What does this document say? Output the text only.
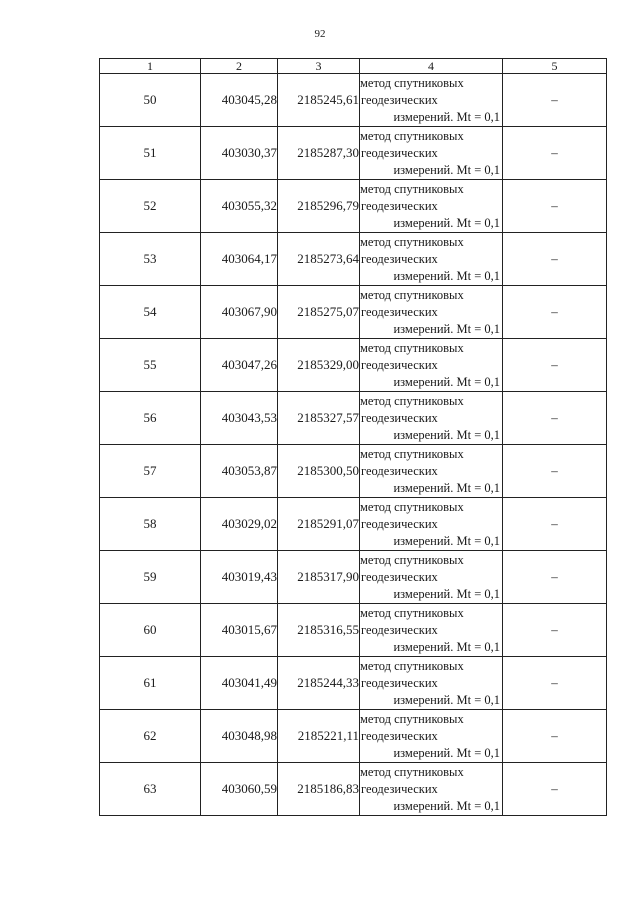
92
1	2	3	4	5
50	403045,28	2185245,61	метод спутниковых
геодезических
измерений. Mt = 0,1	–
51	403030,37	2185287,30	метод спутниковых
геодезических
измерений. Mt = 0,1	–
52	403055,32	2185296,79	метод спутниковых
геодезических
измерений. Mt = 0,1	–
53	403064,17	2185273,64	метод спутниковых
геодезических
измерений. Mt = 0,1	–
54	403067,90	2185275,07	метод спутниковых
геодезических
измерений. Mt = 0,1	–
55	403047,26	2185329,00	метод спутниковых
геодезических
измерений. Mt = 0,1	–
56	403043,53	2185327,57	метод спутниковых
геодезических
измерений. Mt = 0,1	–
57	403053,87	2185300,50	метод спутниковых
геодезических
измерений. Mt = 0,1	–
58	403029,02	2185291,07	метод спутниковых
геодезических
измерений. Mt = 0,1	–
59	403019,43	2185317,90	метод спутниковых
геодезических
измерений. Mt = 0,1	–
60	403015,67	2185316,55	метод спутниковых
геодезических
измерений. Mt = 0,1	–
61	403041,49	2185244,33	метод спутниковых
геодезических
измерений. Mt = 0,1	–
62	403048,98	2185221,11	метод спутниковых
геодезических
измерений. Mt = 0,1	–
63	403060,59	2185186,83	метод спутниковых
геодезических
измерений. Mt = 0,1	–
